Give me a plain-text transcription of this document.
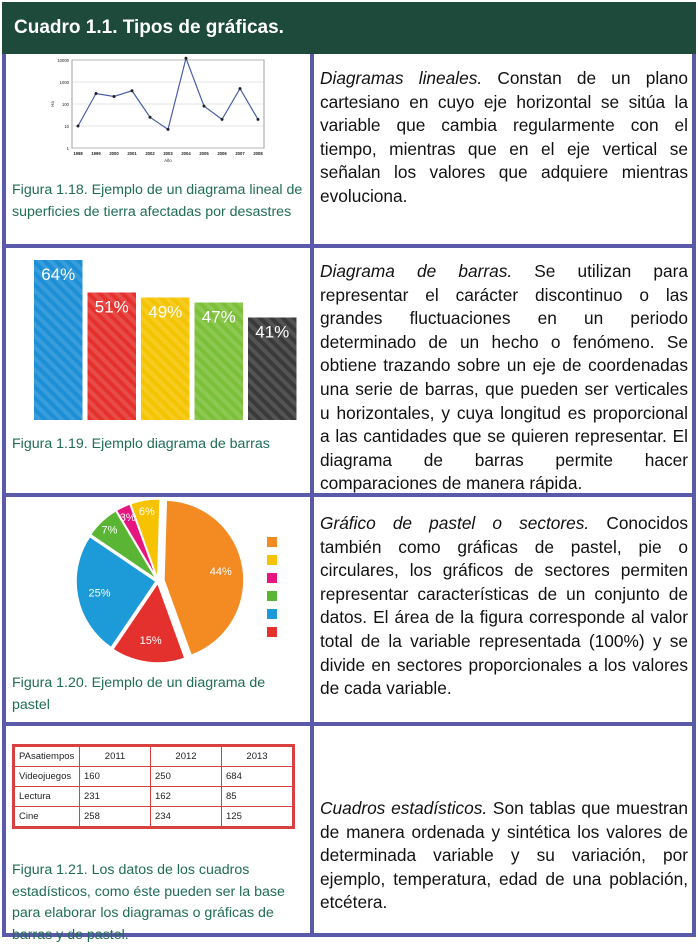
Cuadro 1.1. Tipos de gráficas.
1
10
100
1000
10000
1998 1999 2000 2001 2002 2003 2004 2005 2006 2007 2008
Año
Ha
Figura 1.18. Ejemplo de un diagrama lineal de superficies de tierra afectadas por desastres
Diagramas lineales. Constan de un plano cartesiano en cuyo eje horizontal se sitúa la variable que cambia regularmente con el tiempo, mientras que en el eje vertical se señalan los valores que adquiere mientras evoluciona.
64%
51% 49% 47%
41%
Figura 1.19. Ejemplo diagrama de barras
Diagrama de barras. Se utilizan para representar el carácter discontinuo o las grandes fluctuaciones en un periodo determinado de un hecho o fenómeno. Se obtiene trazando sobre un eje de coordenadas una serie de barras, que pueden ser verticales u horizontales, y cuya longitud es proporcional a las cantidades que se quieren representar. El diagrama de barras permite hacer comparaciones de manera rápida.
44%
15%
25%
7%
3% 6%
Figura 1.20. Ejemplo de un diagrama de pastel
Gráfico de pastel o sectores. Conocidos también como gráficas de pastel, pie o circulares, los gráficos de sectores permiten representar características de un conjunto de datos. El área de la figura corresponde al valor total de la variable representada (100%) y se divide en sectores proporcionales a los valores de cada variable.
PAsatiempos	2011	2012	2013
Videojuegos	160	250	684
Lectura	231	162	85
Cine	258	234	125
Figura 1.21. Los datos de los cuadros estadísticos, como éste pueden ser la base para elaborar los diagramas o gráficas de barras y de pastel.
Cuadros estadísticos. Son tablas que muestran de manera ordenada y sintética los valores de determinada variable y su variación, por ejemplo, temperatura, edad de una población, etcétera.
